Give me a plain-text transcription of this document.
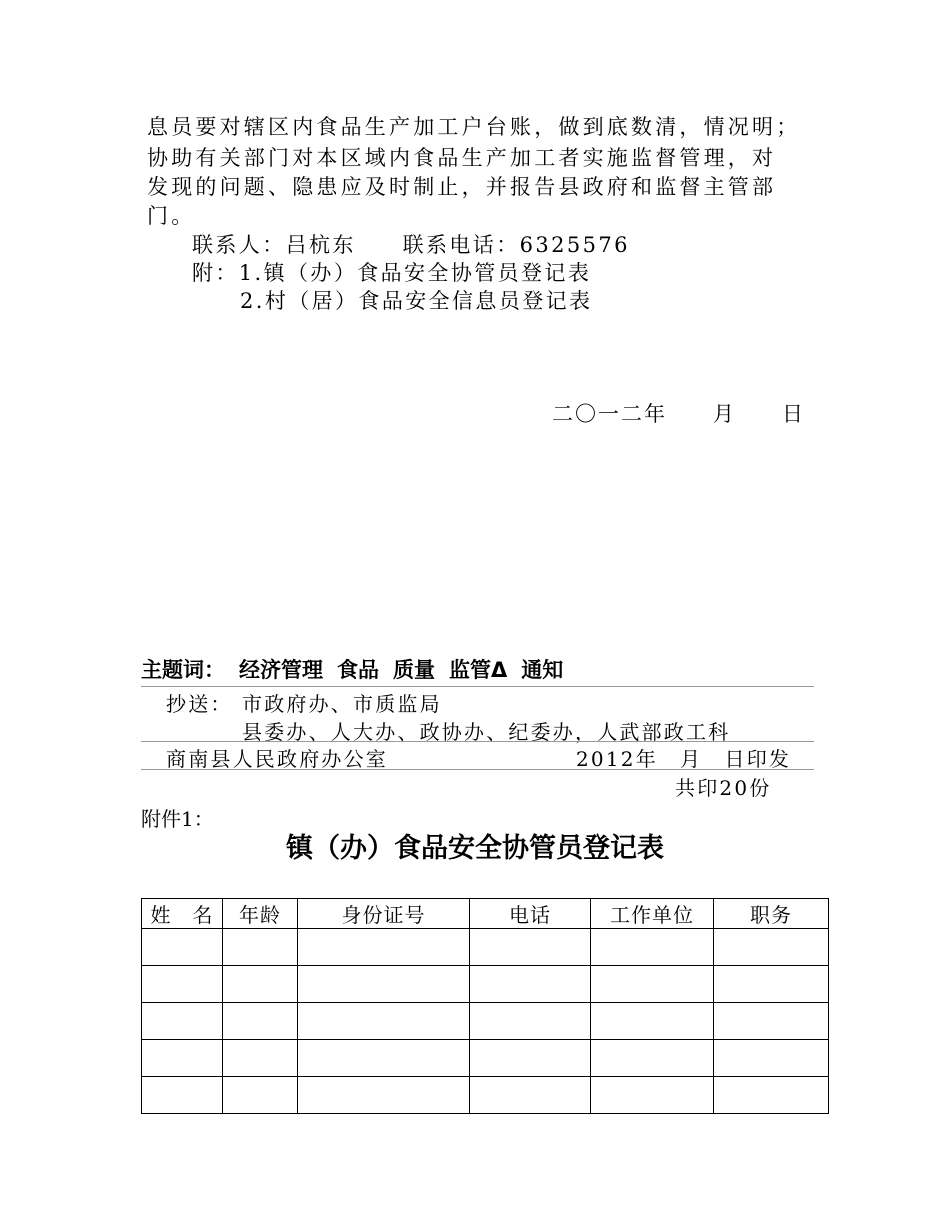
息员要对辖区内食品生产加工户台账，做到底数清，情况明；
协助有关部门对本区域内食品生产加工者实施监督管理，对
发现的问题、隐患应及时制止，并报告县政府和监督主管部
门。
联系人：吕杭东　　联系电话：6325576
附：1.镇（办）食品安全协管员登记表
2.村（居）食品安全信息员登记表
二〇一二年　　月　　日
主题词： 经济管理 食品 质量 监管Δ 通知
抄送： 市政府办、市质监局
县委办、人大办、政协办、纪委办，人武部政工科
商南县人民政府办公室	2012年　月　日印发
共印20份
附件1：
镇（办）食品安全协管员登记表
姓　名	年龄	身份证号	电话	工作单位	职务
